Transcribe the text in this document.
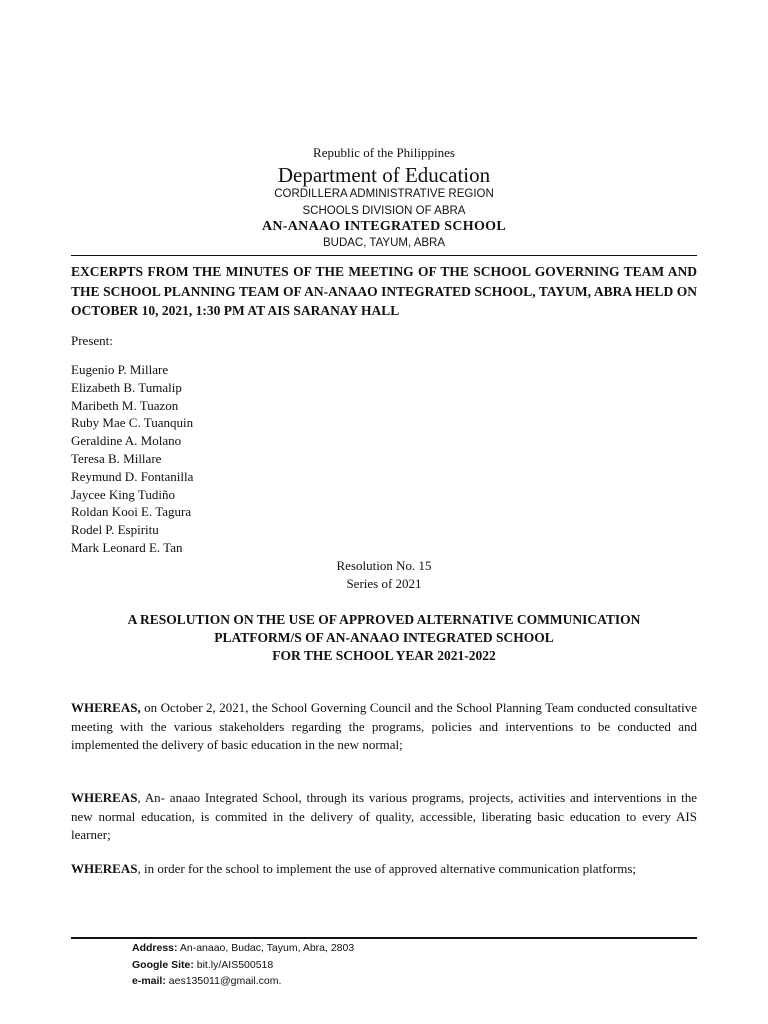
Republic of the Philippines
Department of Education
CORDILLERA ADMINISTRATIVE REGION
SCHOOLS DIVISION OF ABRA
AN-ANAAO INTEGRATED SCHOOL
BUDAC, TAYUM, ABRA
EXCERPTS FROM THE MINUTES OF THE MEETING OF THE SCHOOL GOVERNING TEAM AND THE SCHOOL PLANNING TEAM OF AN-ANAAO INTEGRATED SCHOOL, TAYUM, ABRA HELD ON OCTOBER 10, 2021, 1:30 PM AT AIS SARANAY HALL
Present:
Eugenio P. Millare
Elizabeth B. Tumalip
Maribeth M. Tuazon
Ruby Mae C. Tuanquin
Geraldine A. Molano
Teresa B. Millare
Reymund D. Fontanilla
Jaycee King Tudiño
Roldan Kooi E. Tagura
Rodel P. Espiritu
Mark Leonard E. Tan
Resolution No. 15
Series of 2021
A RESOLUTION ON THE USE OF APPROVED ALTERNATIVE COMMUNICATION
PLATFORM/S OF AN-ANAAO INTEGRATED SCHOOL
FOR THE SCHOOL YEAR 2021-2022
WHEREAS, on October 2, 2021, the School Governing Council and the School Planning Team conducted consultative meeting with the various stakeholders regarding the programs, policies and interventions to be conducted and implemented the delivery of basic education in the new normal;
WHEREAS, An- anaao Integrated School, through its various programs, projects, activities and interventions in the new normal education, is commited in the delivery of quality, accessible, liberating basic education to every AIS learner;
WHEREAS, in order for the school to implement the use of approved alternative communication platforms;
Address: An-anaao, Budac, Tayum, Abra, 2803
Google Site: bit.ly/AIS500518
e-mail: aes135011@gmail.com.
